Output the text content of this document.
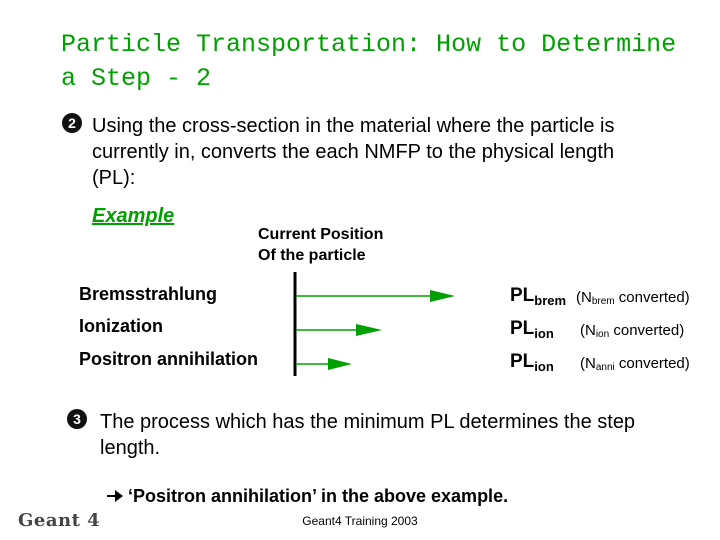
Particle Transportation: How to Determine a Step - 2
2 Using the cross-section in the material where the particle is currently in, converts the each NMFP to the physical length (PL):
Example
Current Position
Of the particle
Bremsstrahlung
Ionization
Positron annihilation
$PL_{brem}$
$PL_{ion}$
$PL_{ion}$
($N_{brem}$ converted)
($N_{ion}$ converted)
($N_{anni}$ converted)
3 The process which has the minimum PL determines the step length.
‘Positron annihilation’ in the above example.
Geant 4	Geant4 Training 2003
